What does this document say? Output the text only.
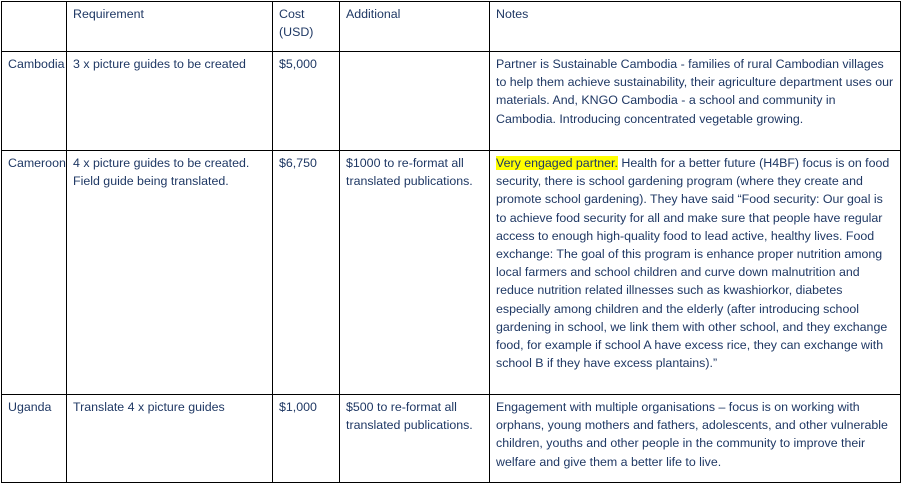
	Requirement	Cost (USD)	Additional	Notes
Cambodia	3 x picture guides to be created	$5,000		Partner is Sustainable Cambodia - families of rural Cambodian villages to help them achieve sustainability, their agriculture department uses our materials. And, KNGO Cambodia - a school and community in Cambodia. Introducing concentrated vegetable growing.
Cameroon	4 x picture guides to be created. Field guide being translated.	$6,750	$1000 to re-format all translated publications.	Very engaged partner. Health for a better future (H4BF) focus is on food security, there is school gardening program (where they create and promote school gardening). They have said “Food security: Our goal is to achieve food security for all and make sure that people have regular access to enough high-quality food to lead active, healthy lives. Food exchange: The goal of this program is enhance proper nutrition among local farmers and school children and curve down malnutrition and reduce nutrition related illnesses such as kwashiorkor, diabetes especially among children and the elderly (after introducing school gardening in school, we link them with other school, and they exchange food, for example if school A have excess rice, they can exchange with school B if they have excess plantains).”
Uganda	Translate 4 x picture guides	$1,000	$500 to re-format all translated publications.	Engagement with multiple organisations – focus is on working with orphans, young mothers and fathers, adolescents, and other vulnerable children, youths and other people in the community to improve their welfare and give them a better life to live.
